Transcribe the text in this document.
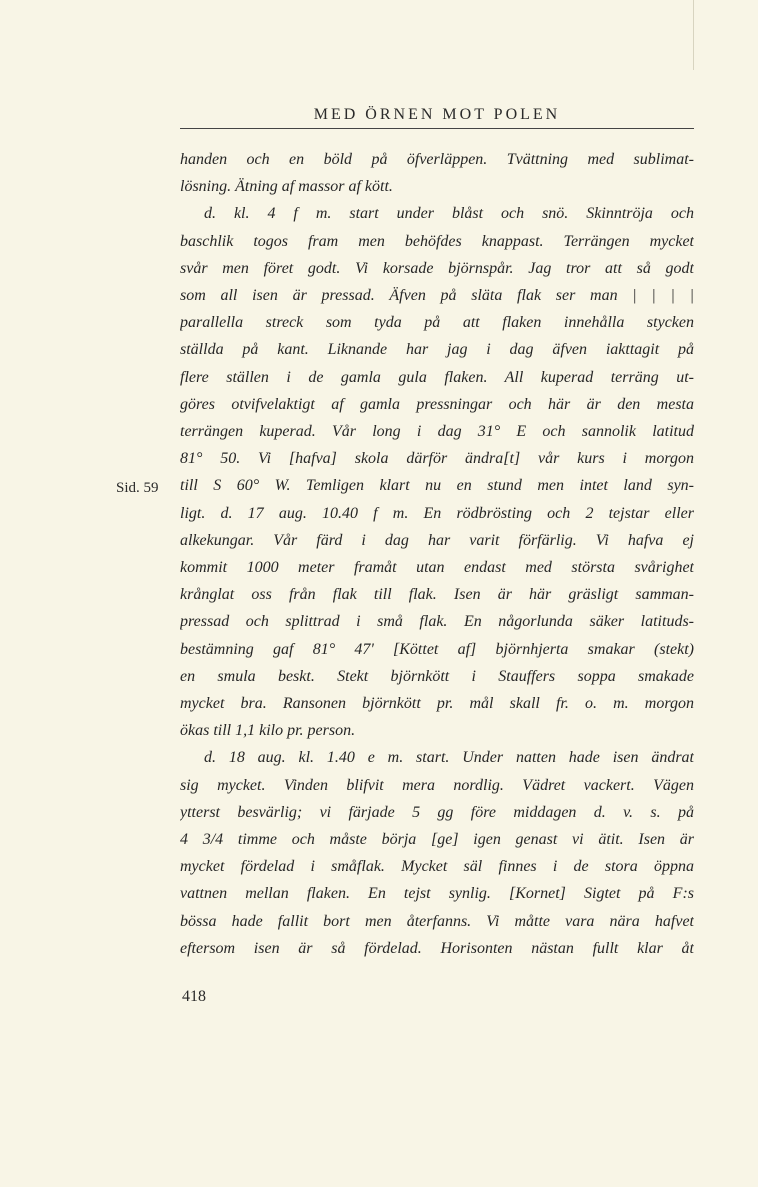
MED ÖRNEN MOT POLEN
Sid. 59
handen och en böld på öfverläppen. Tvättning med sublimat-
lösning. Ätning af massor af kött.
d. kl. 4 f m. start under blåst och snö. Skinntröja och
baschlik togos fram men behöfdes knappast. Terrängen mycket
svår men föret godt. Vi korsade björnspår. Jag tror att så godt
som all isen är pressad. Äfven på släta flak ser man | | | |
parallella streck som tyda på att flaken innehålla stycken
ställda på kant. Liknande har jag i dag äfven iakttagit på
flere ställen i de gamla gula flaken. All kuperad terräng ut-
göres otvifvelaktigt af gamla pressningar och här är den mesta
terrängen kuperad. Vår long i dag 31° E och sannolik latitud
81° 50. Vi [hafva] skola därför ändra[t] vår kurs i morgon
till S 60° W. Temligen klart nu en stund men intet land syn-
ligt. d. 17 aug. 10.40 f m. En rödbrösting och 2 tejstar eller
alkekungar. Vår färd i dag har varit förfärlig. Vi hafva ej
kommit 1000 meter framåt utan endast med största svårighet
krånglat oss från flak till flak. Isen är här gräsligt samman-
pressad och splittrad i små flak. En någorlunda säker latituds-
bestämning gaf 81° 47' [Köttet af] björnhjerta smakar (stekt)
en smula beskt. Stekt björnkött i Stauffers soppa smakade
mycket bra. Ransonen björnkött pr. mål skall fr. o. m. morgon
ökas till 1,1 kilo pr. person.
d. 18 aug. kl. 1.40 e m. start. Under natten hade isen ändrat
sig mycket. Vinden blifvit mera nordlig. Vädret vackert. Vägen
ytterst besvärlig; vi färjade 5 gg före middagen d. v. s. på
4 3/4 timme och måste börja [ge] igen genast vi ätit. Isen är
mycket fördelad i småflak. Mycket säl finnes i de stora öppna
vattnen mellan flaken. En tejst synlig. [Kornet] Sigtet på F:s
bössa hade fallit bort men återfanns. Vi måtte vara nära hafvet
eftersom isen är så fördelad. Horisonten nästan fullt klar åt
418
